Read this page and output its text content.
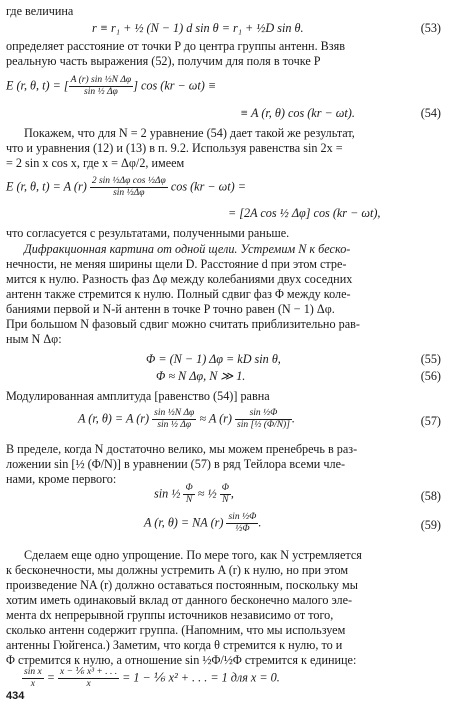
где величина
r ≡ r₁ + ½ (N − 1) d sin θ = r₁ + ½D sin θ.	(53)
определяет расстояние от точки P до центра группы антенн. Взяв
реальную часть выражения (52), получим для поля в точке P
E (r, θ, t) = [ $\frac{\text{A (r) sin ½N Δφ}}{\text{sin ½ Δφ}}$ ] cos (kr − ωt) ≡
≡ A (r, θ) cos (kr − ωt).	(54)
Покажем, что для N = 2 уравнение (54) дает такой же результат,
что и уравнения (12) и (13) в п. 9.2. Используя равенства sin 2x =
= 2 sin x cos x, где x = Δφ/2, имеем
E (r, θ, t) = A $(r) \frac{\text{2 sin ½Δφ cos ½Δφ}}{\text{sin ½Δφ}}$ cos (kr − ωt) =
= [2A cos ½ Δφ] cos (kr − ωt),
что согласуется с результатами, полученными раньше.
Дифракционная картина от одной щели. Устремим N к беско-
нечности, не меняя ширины щели D. Расстояние d при этом стре-
мится к нулю. Разность фаз Δφ между колебаниями двух соседних
антенн также стремится к нулю. Полный сдвиг фаз Φ между коле-
баниями первой и N-й антенн в точке P точно равен (N − 1) Δφ.
При большом N фазовый сдвиг можно считать приблизительно рав-
ным N Δφ:
Φ = (N − 1) Δφ = kD sin θ,	(55)
Φ ≈ N Δφ, N ≫ 1.	(56)
Модулированная амплитуда [равенство (54)] равна
A (r, θ) = A $(r) \frac{\text{sin ½N Δφ}}{\text{sin ½ Δφ}} \approx A$ $(r) \frac{\text{sin ½Φ}}{\text{sin [½ (Φ/N)]}}$ .	(57)
В пределе, когда N достаточно велико, мы можем пренебречь в раз-
ложении sin [½ (Φ/N)] в уравнении (57) в ряд Тейлора всеми чле-
нами, кроме первого:
sin ½ $\frac{\Phi}{N}$ ≈ ½ $\frac{\Phi}{N}$ ,	(58)
A (r, θ) = NA $(r) \frac{\text{sin ½Φ}}{\text{½Φ}}$ .	(59)
Сделаем еще одно упрощение. По мере того, как N устремляется
к бесконечности, мы должны устремить A (r) к нулю, но при этом
произведение NA (r) должно оставаться постоянным, поскольку мы
хотим иметь одинаковый вклад от данного бесконечно малого эле-
мента dx непрерывной группы источников независимо от того,
сколько антенн содержит группа. (Напомним, что мы используем
антенны Гюйгенса.) Заметим, что когда θ стремится к нулю, то и
Φ стремится к нулю, а отношение sin ½Φ/½Φ стремится к единице:
$\frac{\text{sin x}}{x} = \frac{\text{x − ⅙ x³ + . . .}}{x} = 1$ − ⅙ x² + . . . = 1 для x = 0.
434
